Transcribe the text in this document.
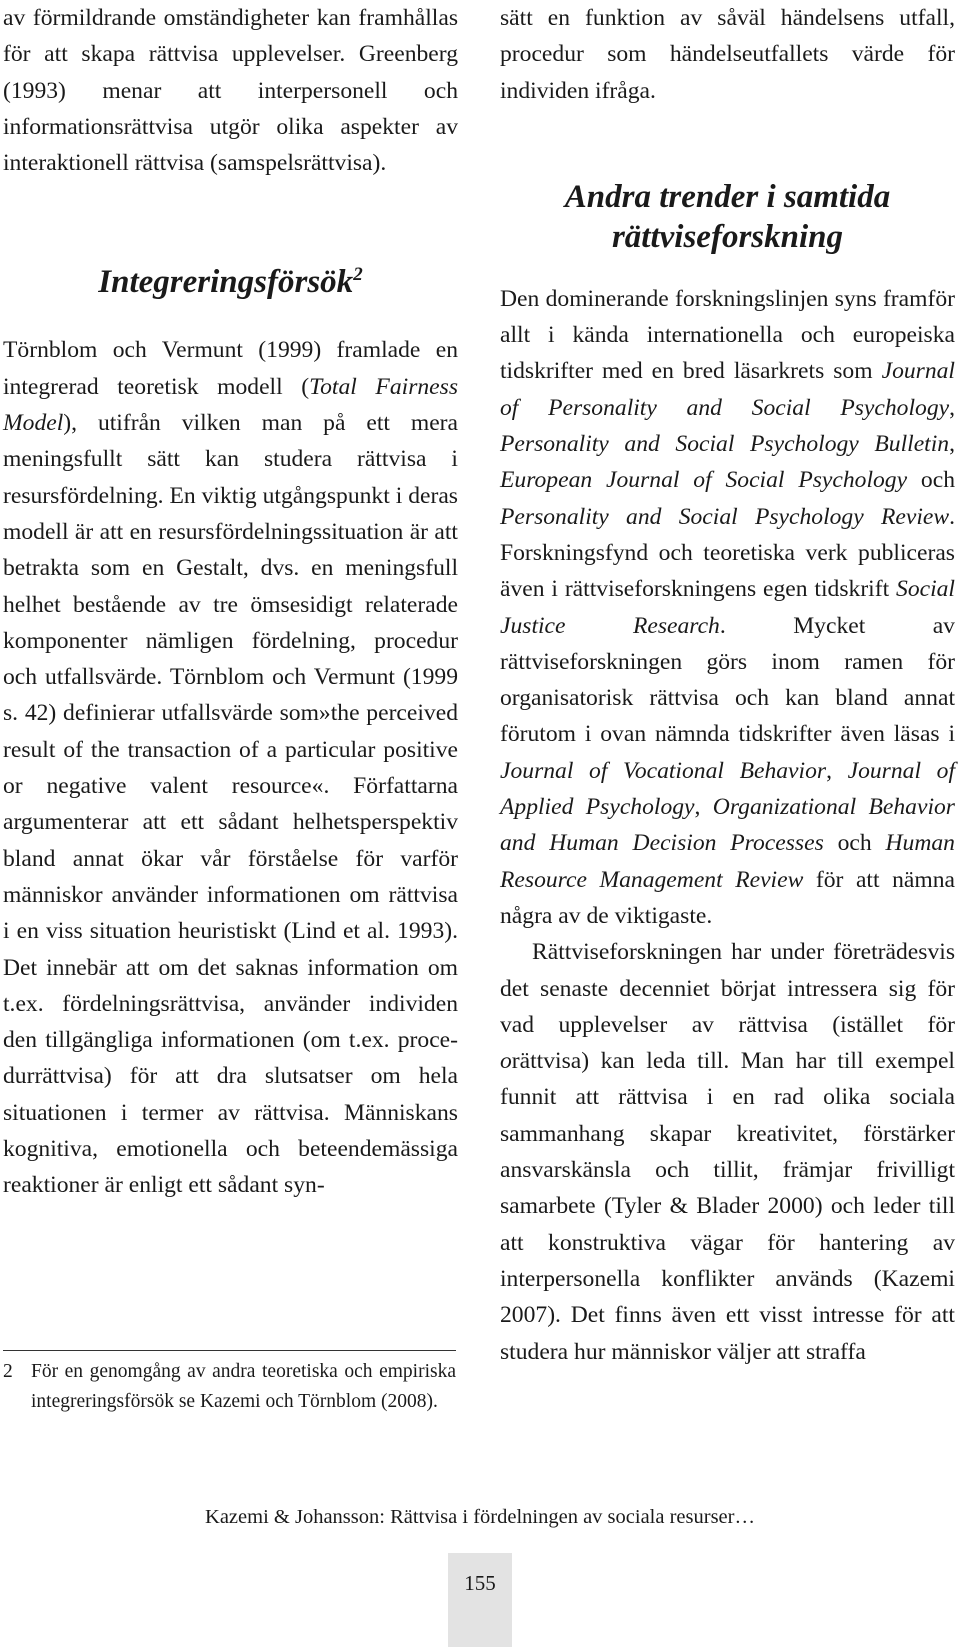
av förmildrande omständigheter kan framhållas för att skapa rättvisa upplevelser. Greenberg (1993) menar att interpersonell och informationsrättvisa utgör olika aspekter av interaktionell rättvisa (samspelsrättvisa).

Integreringsförsök$^2$

Törnblom och Vermunt (1999) framlade en integrerad teoretisk modell (Total Fairness Model), utifrån vilken man på ett mera meningsfullt sätt kan studera rättvisa i resursfördelning. En viktig utgångspunkt i deras modell är att en resursfördelningssituation är att betrakta som en Gestalt, dvs. en meningsfull helhet bestående av tre ömsesidigt relaterade komponenter nämligen fördelning, procedur och utfallsvärde. Törnblom och Vermunt (1999 s. 42) definierar utfallsvärde som»the perceived result of the transaction of a particular positive or negative valent resource«. Författarna argumenterar att ett sådant helhetsperspektiv bland annat ökar vår förståelse för varför människor använder informationen om rättvisa i en viss situation heuristiskt (Lind et al. 1993). Det innebär att om det saknas information om t.ex. fördelningsrättvisa, använder individen den tillgängliga informationen (om t.ex. procedurrättvisa) för att dra slutsatser om hela situationen i termer av rättvisa. Människans kognitiva, emotionella och beteendemässiga reaktioner är enligt ett sådant syn-

2 För en genomgång av andra teoretiska och empiriska integreringsförsök se Kazemi och Törnblom (2008).

sätt en funktion av såväl händelsens utfall, procedur som händelseutfallets värde för individen ifråga.

Andra trender i samtida
rättviseforskning

Den dominerande forskningslinjen syns framför allt i kända internationella och europeiska tidskrifter med en bred läsarkrets som Journal of Personality and Social Psychology, Personality and Social Psychology Bulletin, European Journal of Social Psychology och Personality and Social Psychology Review. Forskningsfynd och teoretiska verk publiceras även i rättviseforskningens egen tidskrift Social Justice Research. Mycket av rättviseforskningen görs inom ramen för organisatorisk rättvisa och kan bland annat förutom i ovan nämnda tidskrifter även läsas i Journal of Vocational Behavior, Journal of Applied Psychology, Organizational Behavior and Human Decision Processes och Human Resource Management Review för att nämna några av de viktigaste.

Rättviseforskningen har under företrädesvis det senaste decenniet börjat intressera sig för vad upplevelser av rättvisa (istället för orättvisa) kan leda till. Man har till exempel funnit att rättvisa i en rad olika sociala sammanhang skapar kreativitet, förstärker ansvarskänsla och tillit, främjar frivilligt samarbete (Tyler & Blader 2000) och leder till att konstruktiva vägar för hantering av interpersonella konflikter används (Kazemi 2007). Det finns även ett visst intresse för att studera hur människor väljer att straffa

Kazemi & Johansson: Rättvisa i fördelningen av sociala resurser…
155
